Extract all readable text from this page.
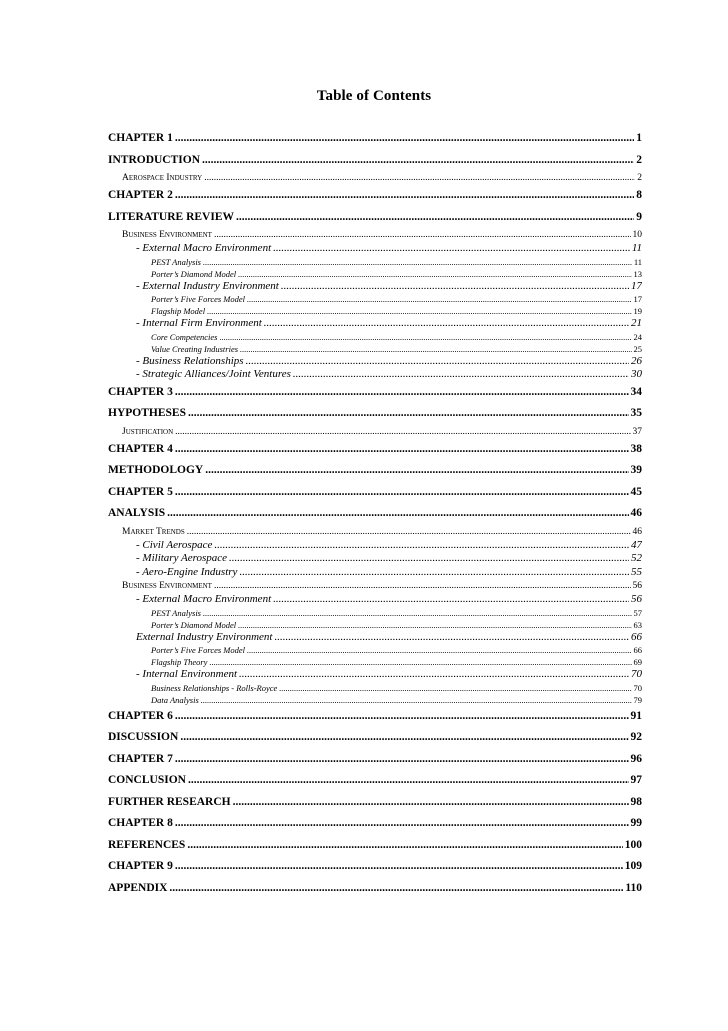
Table of Contents
CHAPTER 1 .....	1
INTRODUCTION .....	2
Aerospace Industry .....	2
CHAPTER 2 .....	8
LITERATURE REVIEW .....	9
Business Environment .....	10
- External Macro Environment .....	11
PEST Analysis .....	11
Porter’s Diamond Model .....	13
- External Industry Environment .....	17
Porter’s Five Forces Model .....	17
Flagship Model .....	19
- Internal Firm Environment .....	21
Core Competencies .....	24
Value Creating Industries .....	25
- Business Relationships .....	26
- Strategic Alliances/Joint Ventures .....	30
CHAPTER 3 .....	34
HYPOTHESES .....	35
Justification .....	37
CHAPTER 4 .....	38
METHODOLOGY .....	39
CHAPTER 5 .....	45
ANALYSIS .....	46
Market Trends .....	46
- Civil Aerospace .....	47
- Military Aerospace .....	52
- Aero-Engine Industry .....	55
Business Environment .....	56
- External Macro Environment .....	56
PEST Analysis .....	57
Porter’s Diamond Model .....	63
External Industry Environment .....	66
Porter’s Five Forces Model .....	66
Flagship Theory .....	69
- Internal Environment .....	70
Business Relationships - Rolls-Royce .....	70
Data Analysis .....	79
CHAPTER 6 .....	91
DISCUSSION .....	92
CHAPTER 7 .....	96
CONCLUSION .....	97
FURTHER RESEARCH .....	98
CHAPTER 8 .....	99
REFERENCES .....	100
CHAPTER 9 .....	109
APPENDIX .....	110
